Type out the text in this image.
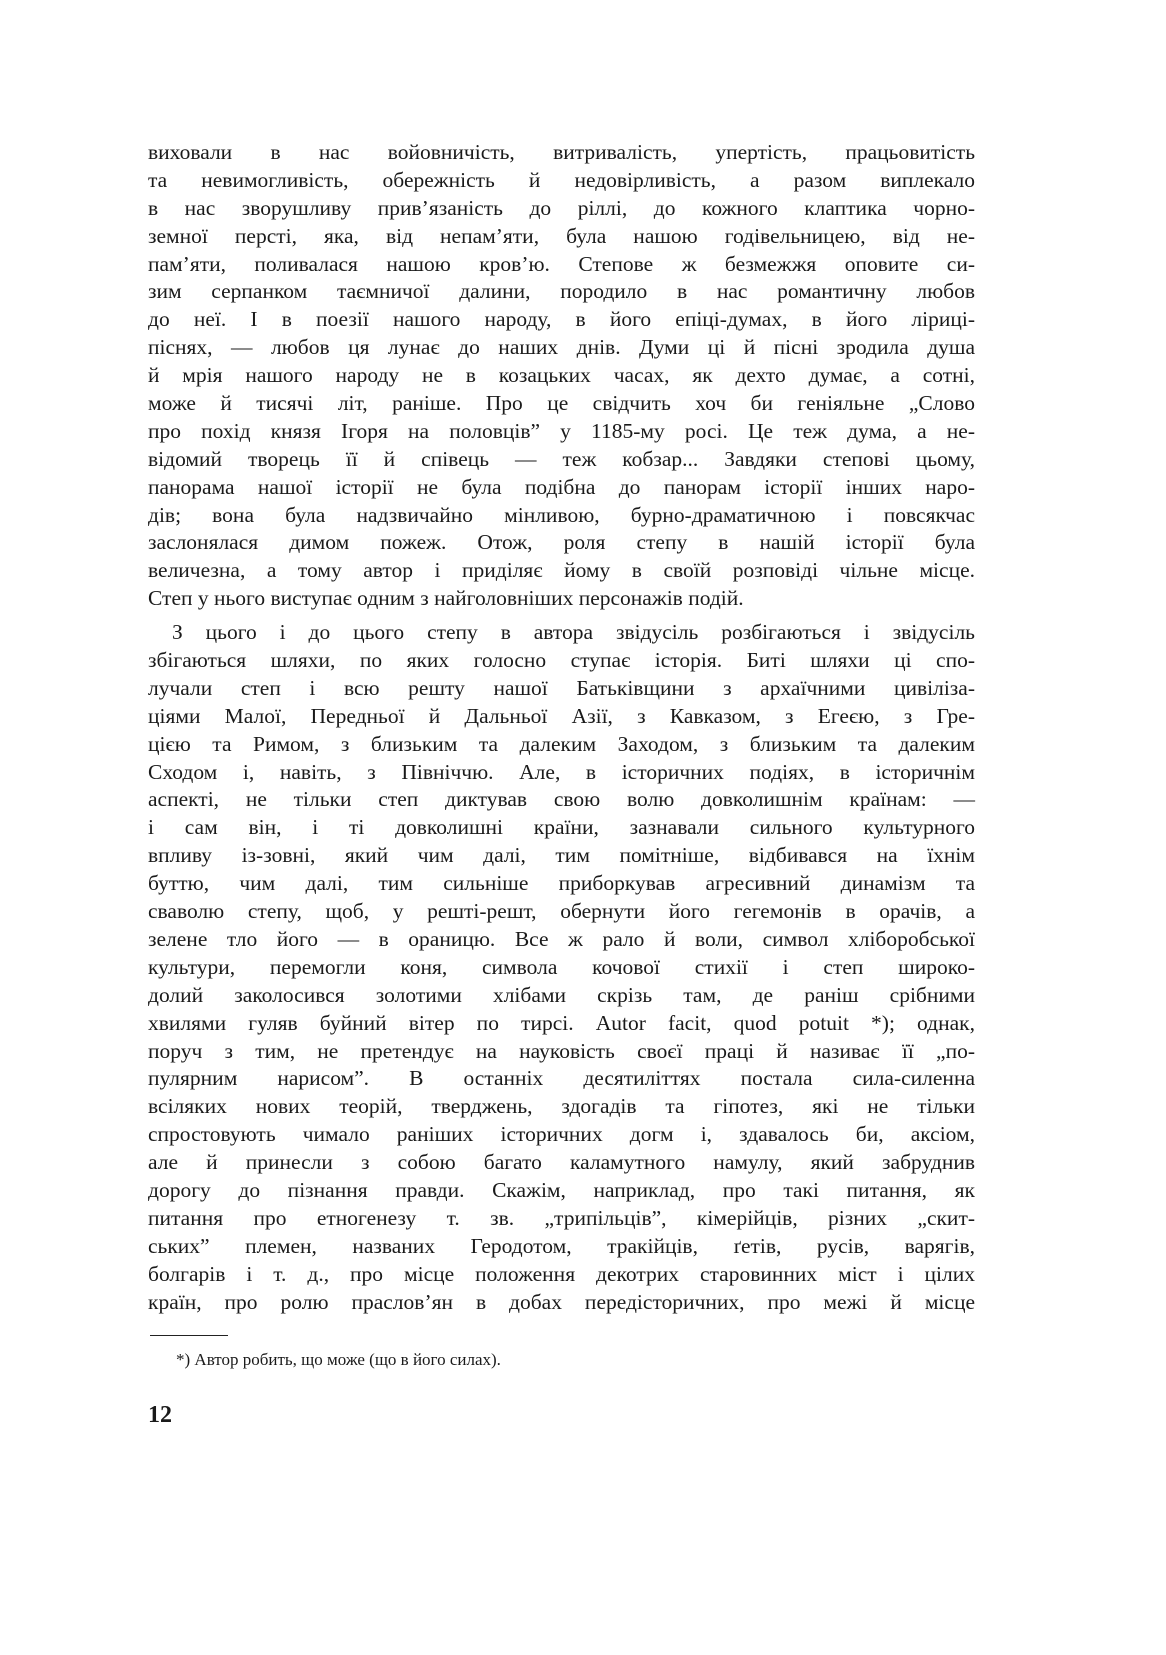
виховали в нас войовничість, витривалість, упертість, працьовитість
та невимогливість, обережність й недовірливість, а разом виплекало
в нас зворушливу прив’язаність до ріллі, до кожного клаптика чорно-
земної персті, яка, від непам’яти, була нашою годівельницею, від не-
пам’яти, поливалася нашою кров’ю. Степове ж безмежжя оповите си-
зим серпанком таємничої далини, породило в нас романтичну любов
до неї. І в поезії нашого народу, в його епіці-думах, в його ліриці-
піснях, — любов ця лунає до наших днів. Думи ці й пісні зродила душа
й мрія нашого народу не в козацьких часах, як дехто думає, а сотні,
може й тисячі літ, раніше. Про це свідчить хоч би геніяльне „Слово
про похід князя Ігоря на половців” у 1185-му росі. Це теж дума, а не-
відомий творець її й співець — теж кобзар... Завдяки степові цьому,
панорама нашої історії не була подібна до панорам історії інших наро-
дів; вона була надзвичайно мінливою, бурно-драматичною і повсякчас
заслонялася димом пожеж. Отож, роля степу в нашій історії була
величезна, а тому автор і приділяє йому в своїй розповіді чільне місце.
Степ у нього виступає одним з найголовніших персонажів подій.
З цього і до цього степу в автора звідусіль розбігаються і звідусіль
збігаються шляхи, по яких голосно ступає історія. Биті шляхи ці спо-
лучали степ і всю решту нашої Батьківщини з архаїчними цивіліза-
ціями Малої, Передньої й Дальньої Азії, з Кавказом, з Егеєю, з Гре-
цією та Римом, з близьким та далеким Заходом, з близьким та далеким
Сходом і, навіть, з Північчю. Але, в історичних подіях, в історичнім
аспекті, не тільки степ диктував свою волю довколишнім країнам: —
і сам він, і ті довколишні країни, зазнавали сильного культурного
впливу із-зовні, який чим далі, тим помітніше, відбивався на їхнім
буттю, чим далі, тим сильніше приборкував агресивний динамізм та
сваволю степу, щоб, у решті-решт, обернути його гегемонів в орачів, а
зелене тло його — в ораницю. Все ж рало й воли, символ хліборобської
культури, перемогли коня, символа кочової стихії і степ широко-
долий заколосився золотими хлібами скрізь там, де раніш срібними
хвилями гуляв буйний вітер по тирсі. Autor facit, quod potuit *); однак,
поруч з тим, не претендує на науковість своєї праці й називає її „по-
пулярним нарисом”. В останніх десятиліттях постала сила-силенна
всіляких нових теорій, тверджень, здогадів та гіпотез, які не тільки
спростовують чимало раніших історичних догм і, здавалось би, аксіом,
але й принесли з собою багато каламутного намулу, який забруднив
дорогу до пізнання правди. Скажім, наприклад, про такі питання, як
питання про етногенезу т. зв. „трипільців”, кімерійців, різних „скит-
ських” племен, названих Геродотом, тракійців, ґетів, русів, варягів,
болгарів і т. д., про місце положення декотрих старовинних міст і цілих
країн, про ролю праслов’ян в добах передісторичних, про межі й місце
*) Автор робить, що може (що в його силах).
12
